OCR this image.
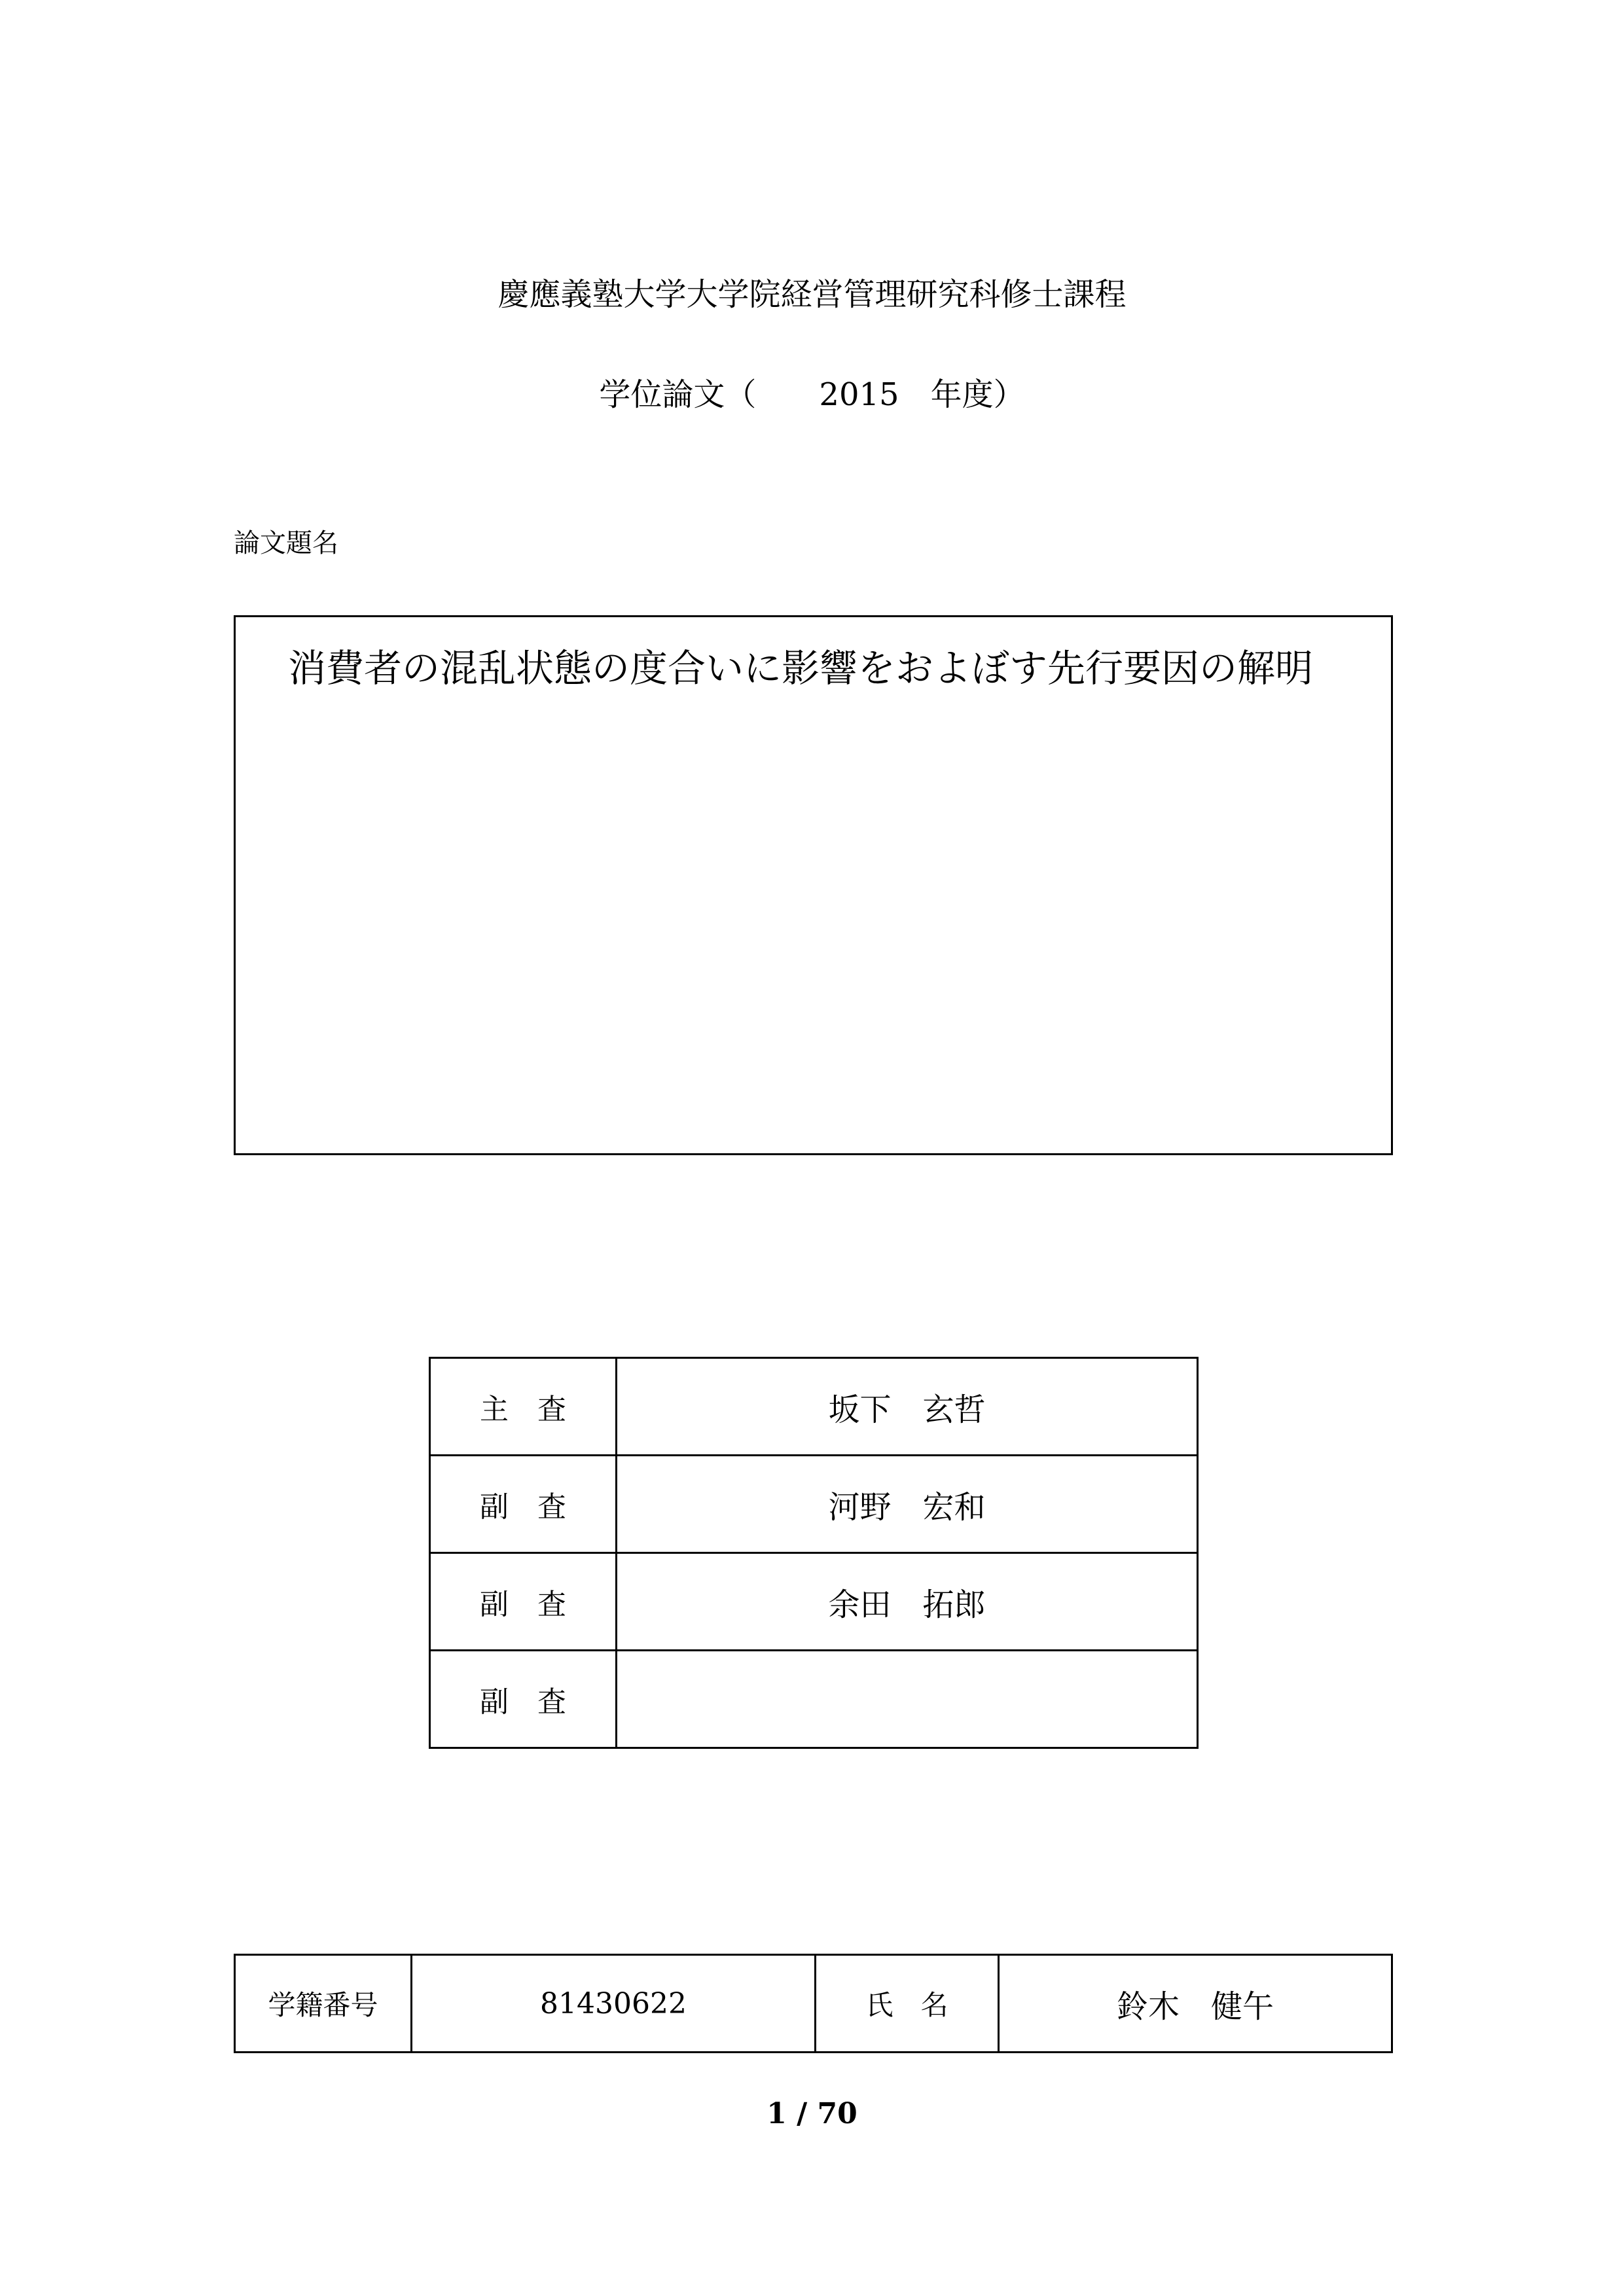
慶應義塾大学大学院経営管理研究科修士課程
学位論文（　　2015　年度）
論文題名
消費者の混乱状態の度合いに影響をおよぼす先行要因の解明
主　査	坂下　玄哲
副　査	河野　宏和
副　査	余田　拓郎
副　査	
学籍番号	81430622	氏　名	鈴木　健午
1 / 70
